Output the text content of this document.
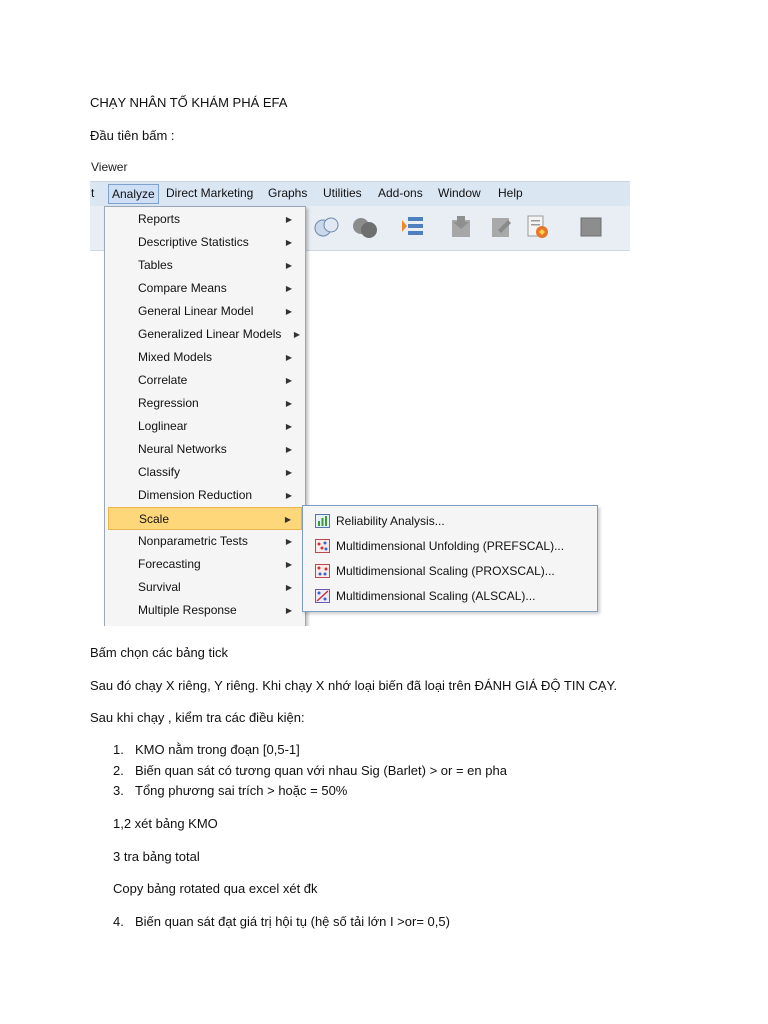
CHẠY NHÂN TỐ KHÁM PHÁ EFA
Đầu tiên bấm :
Viewer
t	Analyze Direct Marketing Graphs Utilities Add-ons Window Help
Reports	▶
Descriptive Statistics	▶
Tables	▶
Compare Means	▶
General Linear Model	▶
Generalized Linear Models ▶
Mixed Models	▶
Correlate	▶
Regression	▶
Loglinear	▶
Neural Networks	▶
Classify	▶
Dimension Reduction	▶
Scale	▶
Nonparametric Tests	▶
Forecasting	▶
Survival	▶
Multiple Response	▶
Reliability Analysis...
Multidimensional Unfolding (PREFSCAL)...
Multidimensional Scaling (PROXSCAL)...
Multidimensional Scaling (ALSCAL)...
Bấm chọn các bảng tick
Sau đó chạy X riêng, Y riêng. Khi chạy X nhớ loại biến đã loại trên ĐÁNH GIÁ ĐỘ TIN CẠY.
Sau khi chạy , kiểm tra các điều kiện:
1. KMO nằm trong đoạn [0,5-1]
2. Biến quan sát có tương quan với nhau Sig (Barlet) > or = en pha
3. Tổng phương sai trích > hoặc = 50%
1,2 xét bảng KMO
3 tra bảng total
Copy bảng rotated qua excel xét đk
4. Biến quan sát đạt giá trị hội tụ (hệ số tải lớn I >or= 0,5)
